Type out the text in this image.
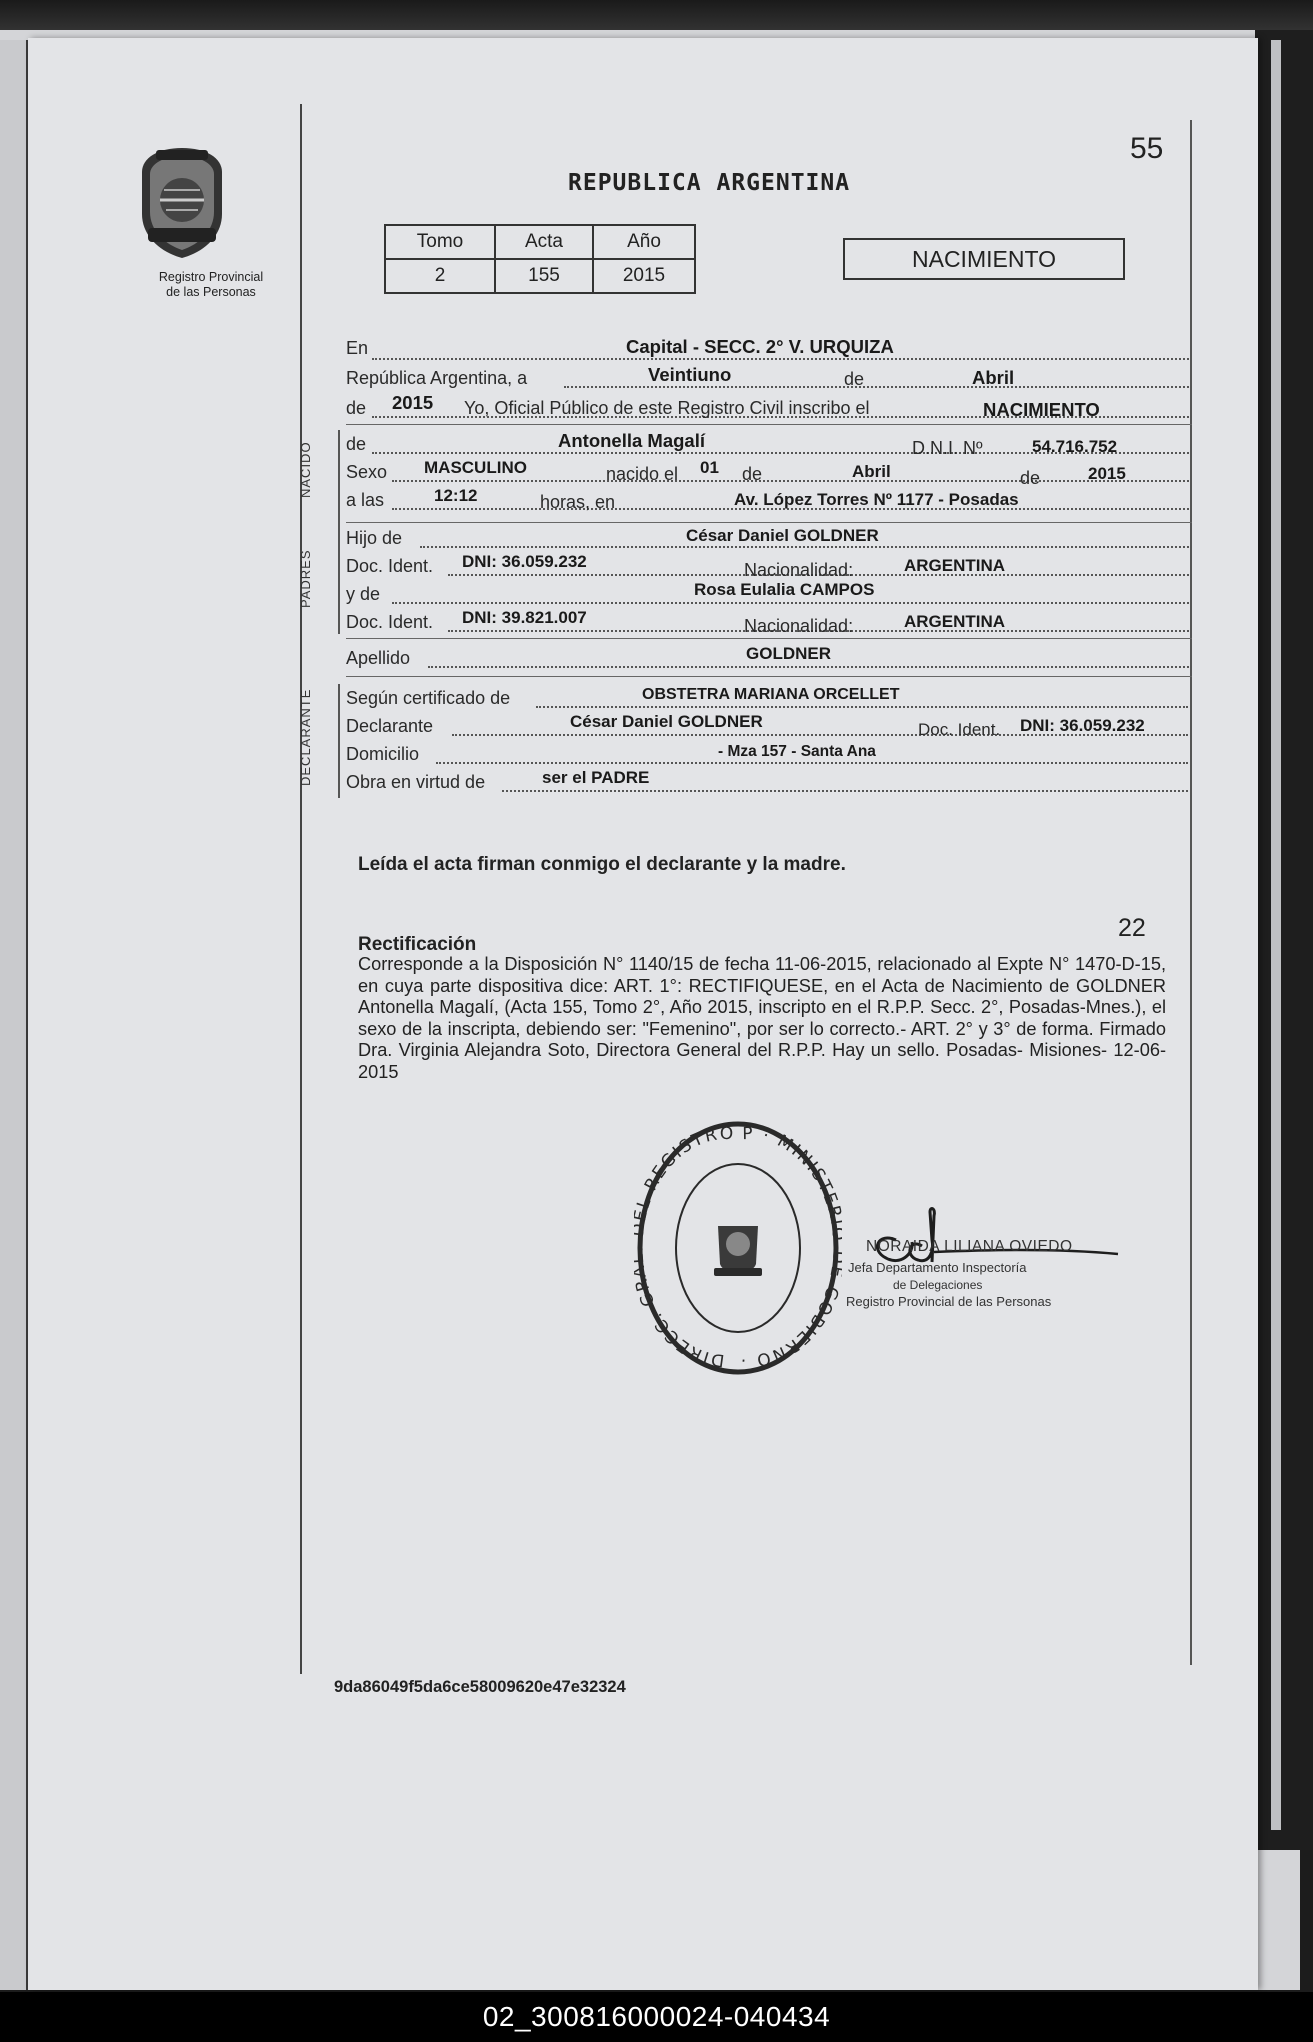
Registro Provincial
de las Personas
55
REPUBLICA ARGENTINA
Tomo	Acta	Año
2	155	2015
NACIMIENTO
En	Capital - SECC. 2° V. URQUIZA
República Argentina, a	Veintiuno	de	Abril
de 2015 Yo, Oficial Público de este Registro Civil inscribo el	NACIMIENTO
NACIDO de	Antonella Magalí	D.N.I. Nº	54.716.752
Sexo MASCULINO	nacido el 01 de	Abril	de	2015
a las	12:12	horas, en	Av. López Torres Nº 1177 - Posadas
PADRES
Hijo de	César Daniel GOLDNER
Doc. Ident. DNI: 36.059.232	Nacionalidad:	ARGENTINA
y de	Rosa Eulalia CAMPOS
Doc. Ident. DNI: 39.821.007	Nacionalidad:	ARGENTINA
Apellido	GOLDNER
DECLARANTE Según certificado de	OBSTETRA MARIANA ORCELLET
Declarante	César Daniel GOLDNER	Doc. Ident. DNI: 36.059.232
Domicilio	- Mza 157 - Santa Ana
Obra en virtud de	ser el PADRE
Leída el acta firman conmigo el declarante y la madre.
22
Rectificación
Corresponde a la Disposición N° 1140/15 de fecha 11-06-2015, relacionado al Expte N° 1470-D-15, en cuya parte dispositiva dice: ART. 1°: RECTIFIQUESE, en el Acta de Nacimiento de GOLDNER Antonella Magalí, (Acta 155, Tomo 2°, Año 2015, inscripto en el R.P.P. Secc. 2°, Posadas-Mnes.), el sexo de la inscripta, debiendo ser: "Femenino", por ser lo correcto.- ART. 2° y 3° de forma. Firmado Dra. Virginia Alejandra Soto, Directora General del R.P.P. Hay un sello. Posadas- Misiones- 12-06-2015
DIRECC. G L REGISTRO P · MINISTE GOBIERNO ·
NORAIDA LILIANA OVIEDO
Jefa Departamento Inspectoría
de Delegaciones
Registro Provincial de las Personas
9da86049f5da6ce58009620e47e32324
02_300816000024-040434
